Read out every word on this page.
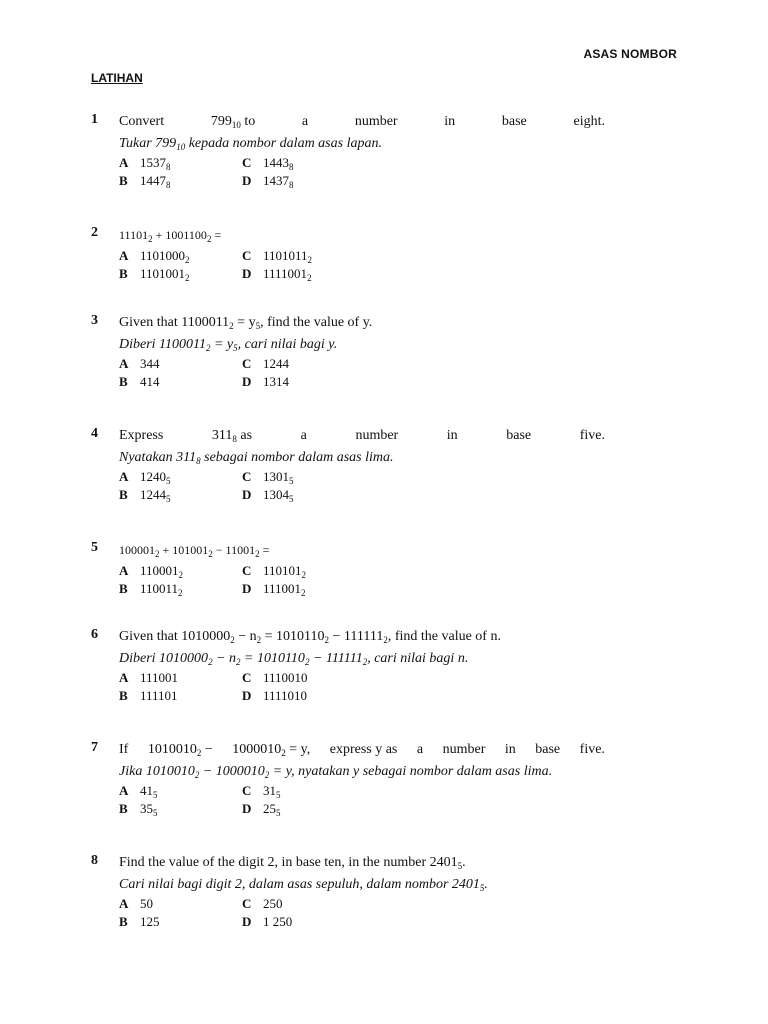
ASAS NOMBOR
LATIHAN
1 Convert	$799_{10}$ to	a	number	in	base	eight.

Tukar $799_{10}$ kepada nombor dalam asas lapan.

A $1537_8$	C $1443_8$
B $1447_8$	D $1437_8$
2 $11101_2 + 1001100_2$ =

A $1101000_2$	C $1101011_2$
B $1101001_2$	D $1111001_2$
3 Given that $1100011_2 = y_5$, find the value of y.

Diberi $1100011_2 = y_5$, cari nilai bagi y.

A 344	C 1244
B 414	D 1314
4 Express	$311_8$ as	a	number	in	base	five.

Nyatakan $311_8$ sebagai nombor dalam asas lima.

A $1240_5$	C $1301_5$
B $1244_5$	D $1304_5$
5 $100001_2 + 101001_2 - 11001_2$ =

A $110001_2$	C $110101_2$
B $110011_2$	D $111001_2$
6 Given that $1010000_2 - n_2 = 1010110_2 - 111111_2$, find the value of n.

Diberi $1010000_2 - n_2 = 1010110_2 - 111111_2$, cari nilai bagi n.

A 111001	C 1110010
B 111101	D 1111010
7 If $1010010_2 - 1000010_2 = y$, express y as a number in base five.

Jika $1010010_2 - 1000010_2 = y$, nyatakan y sebagai nombor dalam asas lima.

A $41_5$	C $31_5$
B $35_5$	D $25_5$
8 Find the value of the digit 2, in base ten, in the number $2401_5$.

Cari nilai bagi digit 2, dalam asas sepuluh, dalam nombor $2401_5$.

A 50	C 250
B 125	D 1 250
